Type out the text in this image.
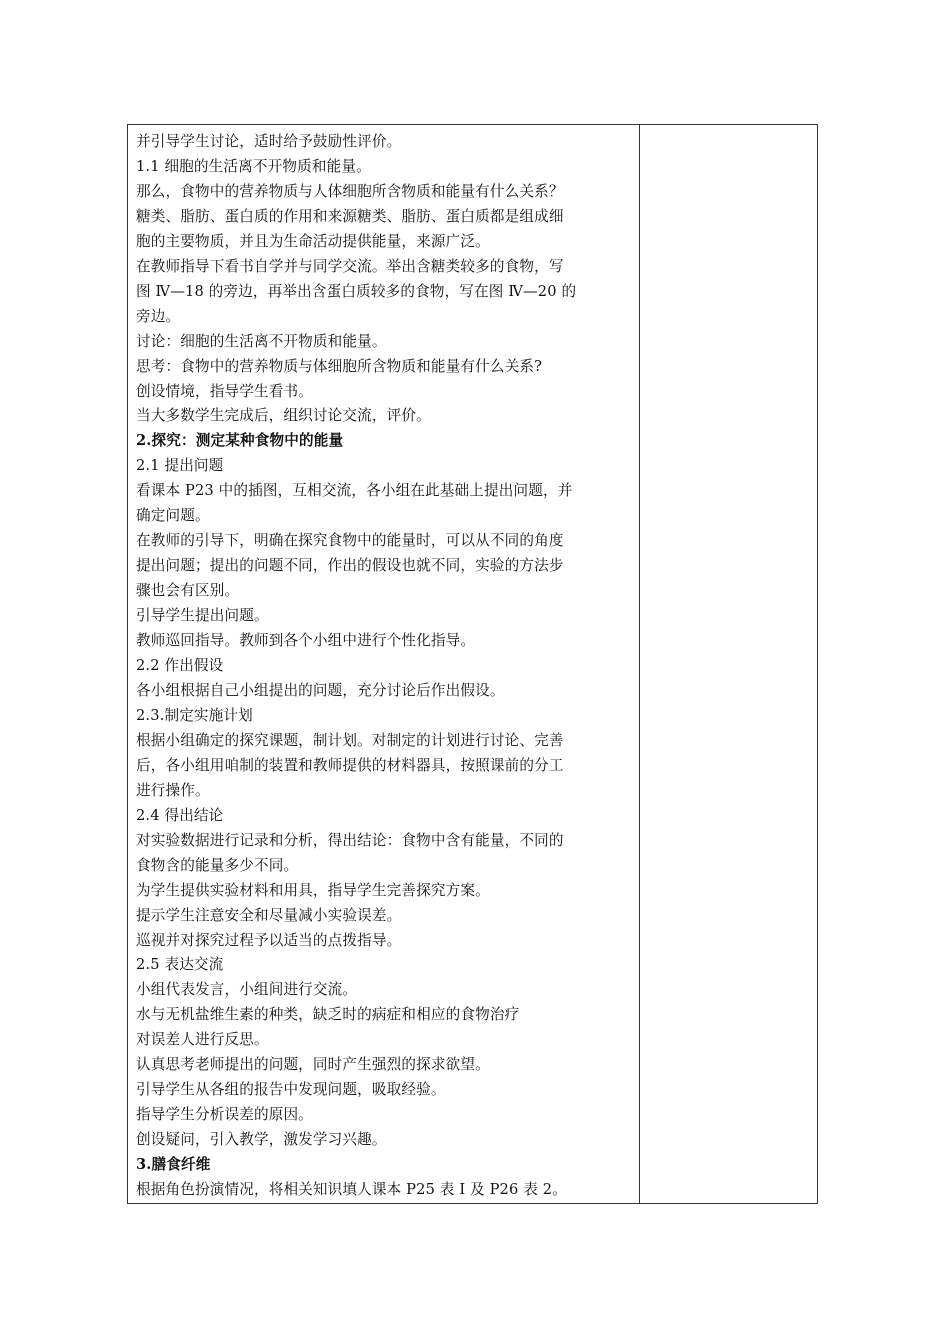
并引导学生讨论，适时给予鼓励性评价。
1.1 细胞的生活离不开物质和能量。
那么，食物中的营养物质与人体细胞所含物质和能量有什么关系？
糖类、脂肪、蛋白质的作用和来源糖类、脂肪、蛋白质都是组成细
胞的主要物质，并且为生命活动提供能量，来源广泛。
在教师指导下看书自学并与同学交流。举出含糖类较多的食物，写
图 Ⅳ—18 的旁边，再举出含蛋白质较多的食物，写在图 Ⅳ—20 的
旁边。
讨论：细胞的生活离不开物质和能量。
思考：食物中的营养物质与体细胞所含物质和能量有什么关系?
创设情境，指导学生看书。
当大多数学生完成后，组织讨论交流，评价。
2.探究：测定某种食物中的能量
2.1 提出问题
看课本 P23 中的插图，互相交流，各小组在此基础上提出问题，并
确定问题。
在教师的引导下，明确在探究食物中的能量时，可以从不同的角度
提出问题；提出的问题不同，作出的假设也就不同，实验的方法步
骤也会有区别。
引导学生提出问题。
教师巡回指导。教师到各个小组中进行个性化指导。
2.2 作出假设
各小组根据自己小组提出的问题，充分讨论后作出假设。
2.3.制定实施计划
根据小组确定的探究课题，制计划。对制定的计划进行讨论、完善
后，各小组用咱制的装置和教师提供的材料器具，按照课前的分工
进行操作。
2.4 得出结论
对实验数据进行记录和分析，得出结论：食物中含有能量，不同的
食物含的能量多少不同。
为学生提供实验材料和用具，指导学生完善探究方案。
提示学生注意安全和尽量减小实验误差。
巡视并对探究过程予以适当的点拨指导。
2.5 表达交流
小组代表发言，小组间进行交流。
水与无机盐维生素的种类，缺乏时的病症和相应的食物治疗
对误差人进行反思。
认真思考老师提出的问题，同时产生强烈的探求欲望。
引导学生从各组的报告中发现问题，吸取经验。
指导学生分析误差的原因。
创设疑问，引入教学，激发学习兴趣。
3.膳食纤维
根据角色扮演情况，将相关知识填人课本 P25 表 I 及 P26 表 2。
